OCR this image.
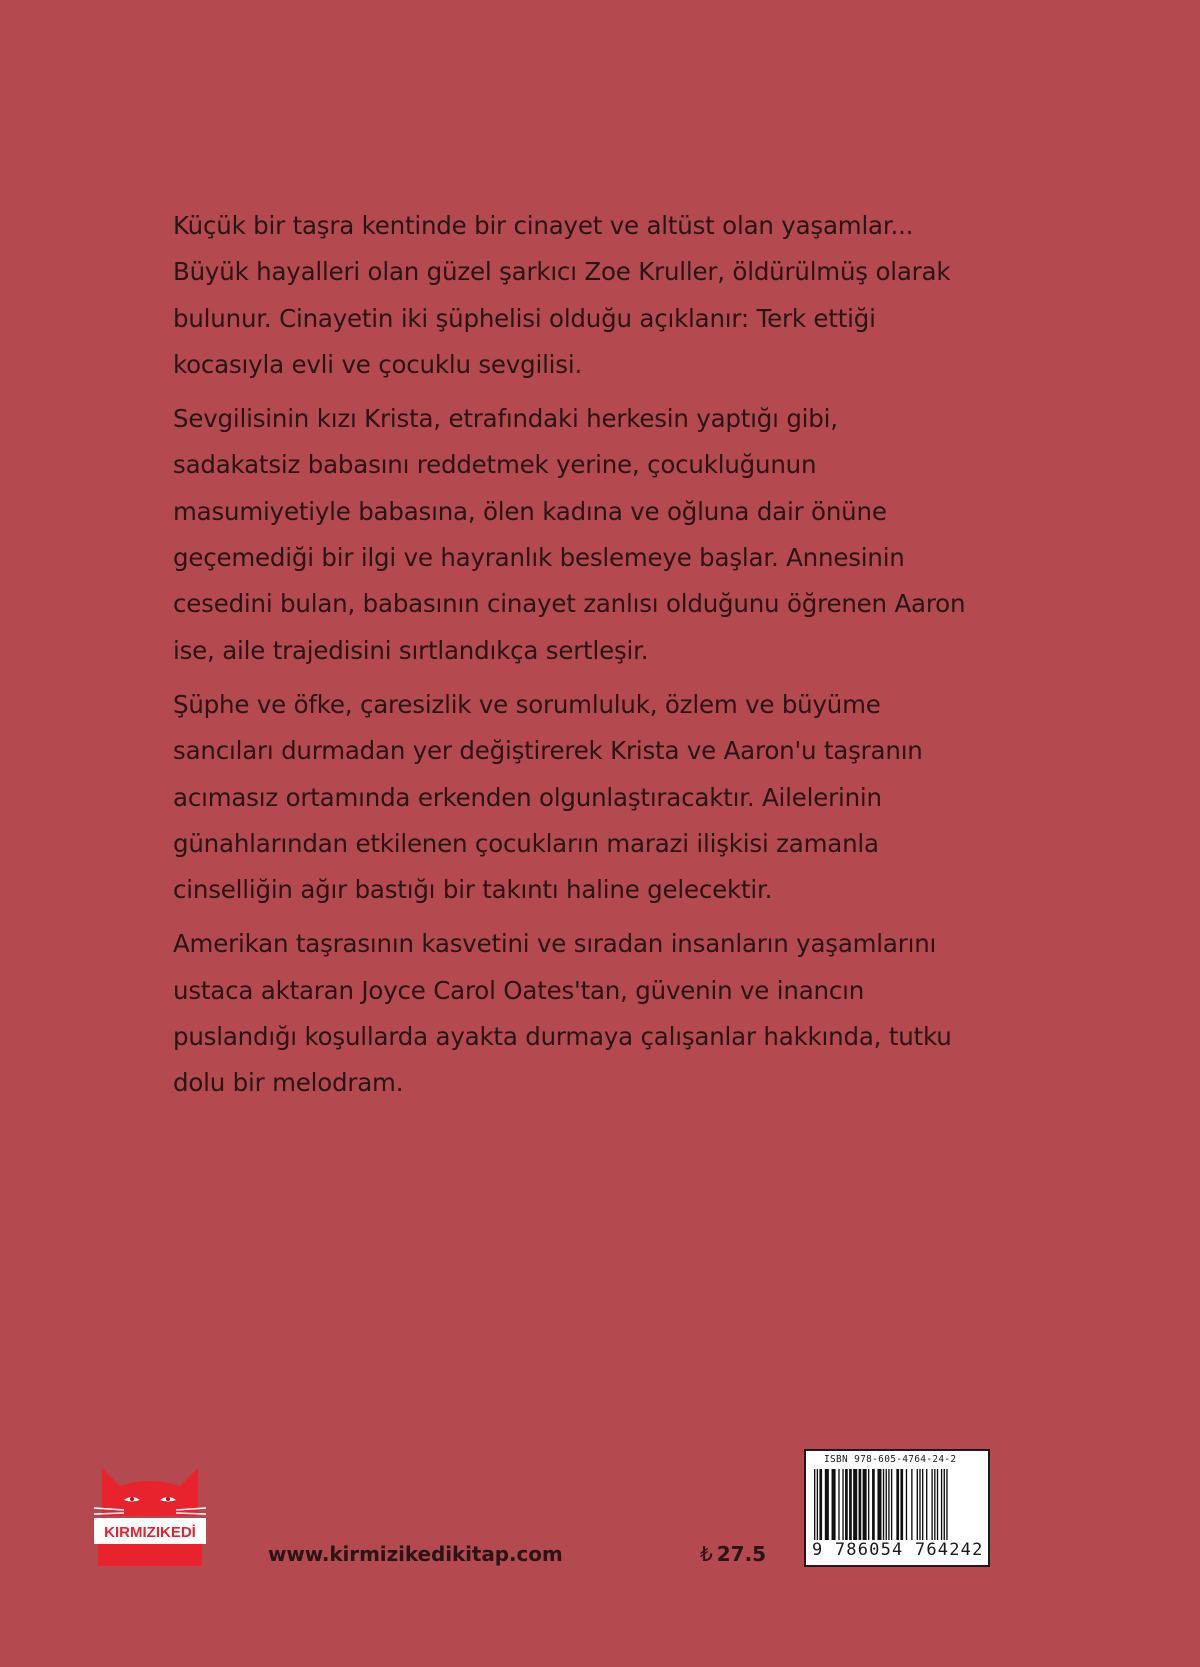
Küçük bir taşra kentinde bir cinayet ve altüst olan yaşamlar...
Büyük hayalleri olan güzel şarkıcı Zoe Kruller, öldürülmüş olarak
bulunur. Cinayetin iki şüphelisi olduğu açıklanır: Terk ettiği
kocasıyla evli ve çocuklu sevgilisi.

Sevgilisinin kızı Krista, etrafındaki herkesin yaptığı gibi,
sadakatsiz babasını reddetmek yerine, çocukluğunun
masumiyetiyle babasına, ölen kadına ve oğluna dair önüne
geçemediği bir ilgi ve hayranlık beslemeye başlar. Annesinin
cesedini bulan, babasının cinayet zanlısı olduğunu öğrenen Aaron
ise, aile trajedisini sırtlandıkça sertleşir.

Şüphe ve öfke, çaresizlik ve sorumluluk, özlem ve büyüme
sancıları durmadan yer değiştirerek Krista ve Aaron'u taşranın
acımasız ortamında erkenden olgunlaştıracaktır. Ailelerinin
günahlarından etkilenen çocukların marazi ilişkisi zamanla
cinselliğin ağır bastığı bir takıntı haline gelecektir.

Amerikan taşrasının kasvetini ve sıradan insanların yaşamlarını
ustaca aktaran Joyce Carol Oates'tan, güvenin ve inancın
puslandığı koşullarda ayakta durmaya çalışanlar hakkında, tutku
dolu bir melodram.

KIRMIZIKEDİ
www.kirmizikedikitap.com	₺ 27.5
ISBN 978-605-4764-24-2
9 786054 764242
